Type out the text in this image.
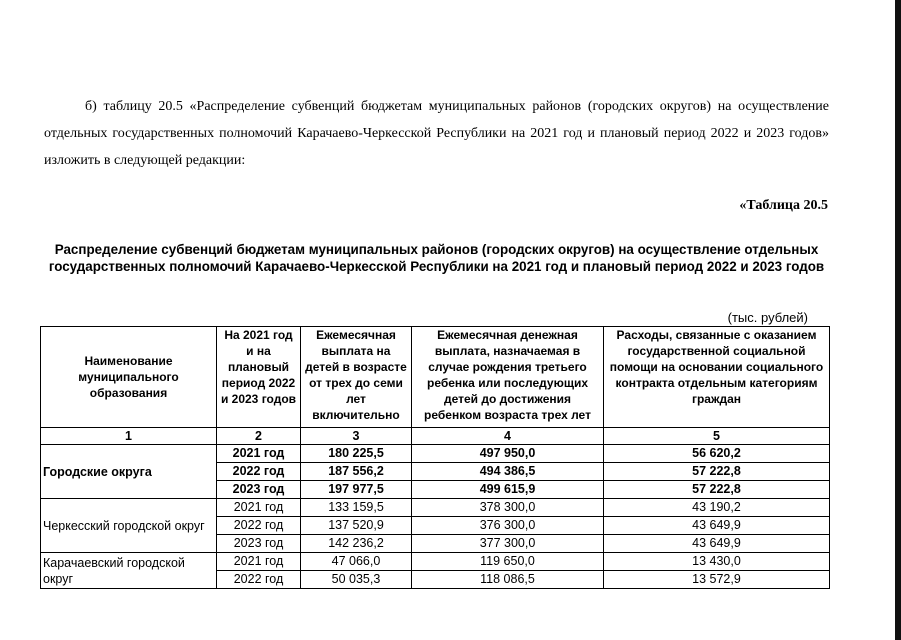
б) таблицу 20.5 «Распределение субвенций бюджетам муниципальных районов (городских округов) на осуществление отдельных государственных полномочий Карачаево-Черкесской Республики на 2021 год и плановый период 2022 и 2023 годов» изложить в следующей редакции:

«Таблица 20.5
Распределение субвенций бюджетам муниципальных районов (городских округов) на осуществление отдельных государственных полномочий Карачаево-Черкесской Республики на 2021 год и плановый период 2022 и 2023 годов
(тыс. рублей)
Наименование муниципального образования	На 2021 год и на плановый период 2022 и 2023 годов	Ежемесячная выплата на детей в возрасте от трех до семи лет включительно	Ежемесячная денежная выплата, назначаемая в случае рождения третьего ребенка или последующих детей до достижения ребенком возраста трех лет	Расходы, связанные с оказанием государственной социальной помощи на основании социального контракта отдельным категориям граждан
1	2	3	4	5
Городские округа	2021 год	180 225,5	497 950,0	56 620,2
	2022 год	187 556,2	494 386,5	57 222,8
	2023 год	197 977,5	499 615,9	57 222,8
Черкесский городской округ	2021 год	133 159,5	378 300,0	43 190,2
	2022 год	137 520,9	376 300,0	43 649,9
	2023 год	142 236,2	377 300,0	43 649,9
Карачаевский городской округ	2021 год	47 066,0	119 650,0	13 430,0
	2022 год	50 035,3	118 086,5	13 572,9
